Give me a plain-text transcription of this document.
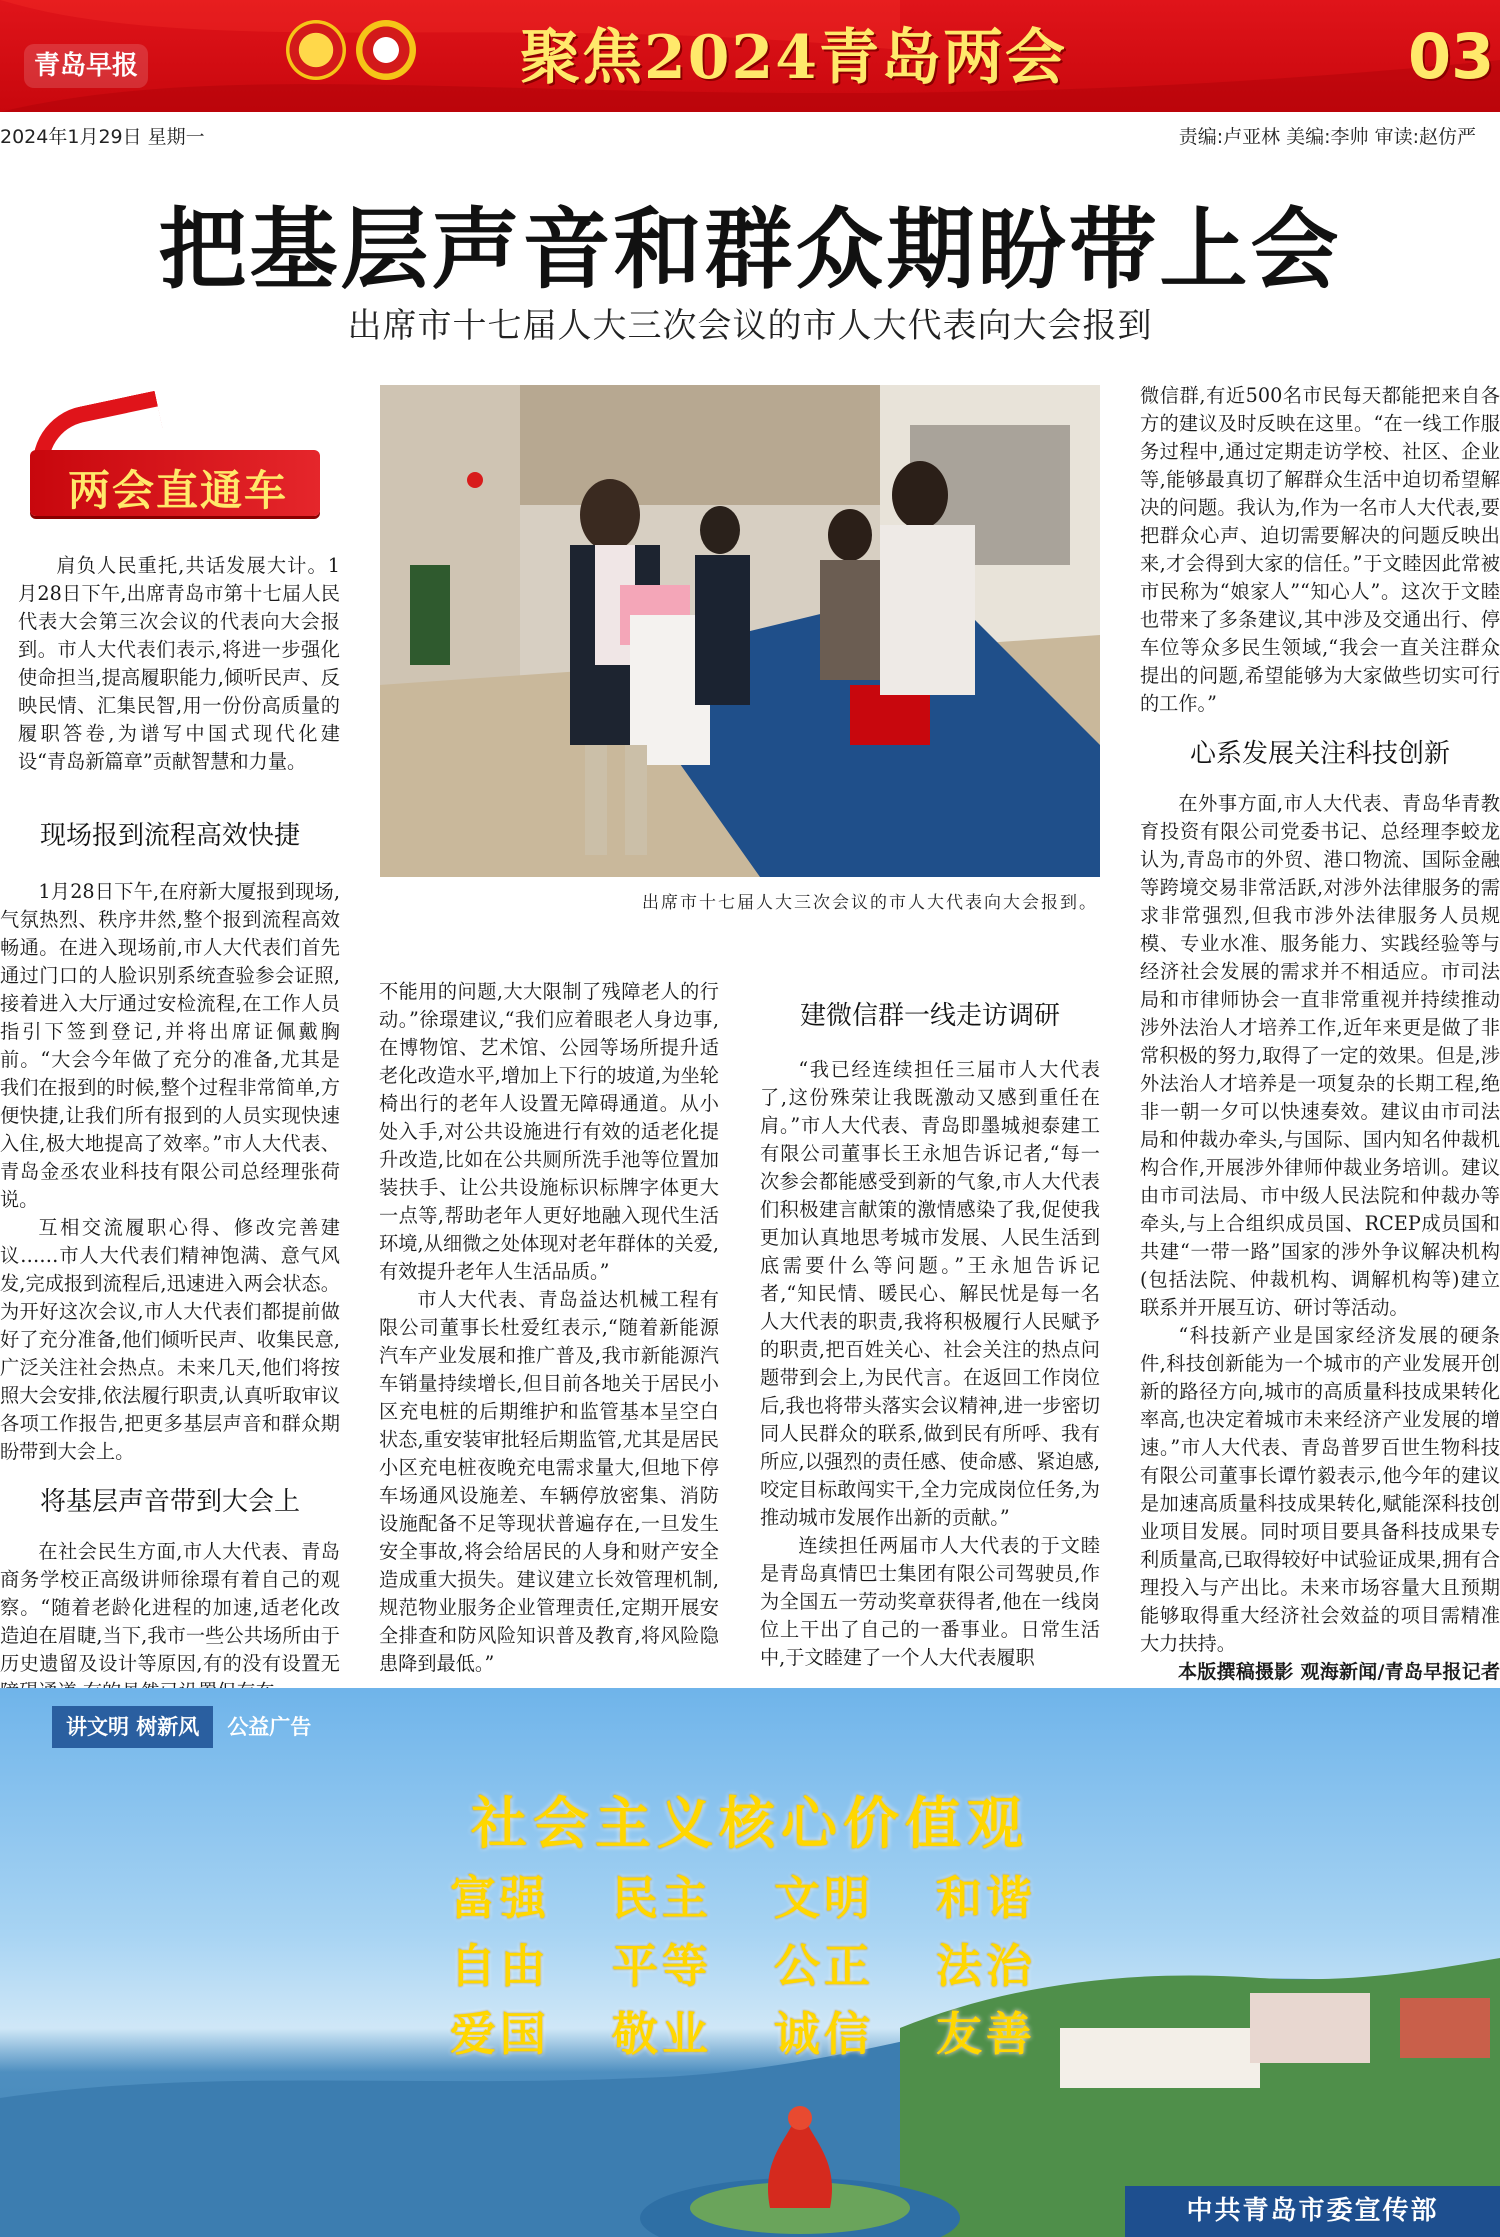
青岛早报	聚焦2024青岛两会	03
2024年1月29日 星期一	责编:卢亚林 美编:李帅 审读:赵仿严
把基层声音和群众期盼带上会
出席市十七届人大三次会议的市人大代表向大会报到
两会直通车

肩负人民重托,共话发展大计。1月28日下午,出席青岛市第十七届人民代表大会第三次会议的代表向大会报到。市人大代表们表示,将进一步强化使命担当,提高履职能力,倾听民声、反映民情、汇集民智,用一份份高质量的履职答卷,为谱写中国式现代化建设“青岛新篇章”贡献智慧和力量。

现场报到流程高效快捷

1月28日下午,在府新大厦报到现场,气氛热烈、秩序井然,整个报到流程高效畅通。在进入现场前,市人大代表们首先通过门口的人脸识别系统查验参会证照,接着进入大厅通过安检流程,在工作人员指引下签到登记,并将出席证佩戴胸前。“大会今年做了充分的准备,尤其是我们在报到的时候,整个过程非常简单,方便快捷,让我们所有报到的人员实现快速入住,极大地提高了效率。”市人大代表、青岛金丞农业科技有限公司总经理张荷说。

互相交流履职心得、修改完善建议……市人大代表们精神饱满、意气风发,完成报到流程后,迅速进入两会状态。为开好这次会议,市人大代表们都提前做好了充分准备,他们倾听民声、收集民意,广泛关注社会热点。未来几天,他们将按照大会安排,依法履行职责,认真听取审议各项工作报告,把更多基层声音和群众期盼带到大会上。

将基层声音带到大会上

在社会民生方面,市人大代表、青岛商务学校正高级讲师徐璟有着自己的观察。“随着老龄化进程的加速,适老化改造迫在眉睫,当下,我市一些公共场所由于历史遗留及设计等原因,有的没有设置无

出席市十七届人大三次会议的市人大代表向大会报到。

不能用的问题,大大限制了残障老人的行动。”徐璟建议,“我们应着眼老人身边事,在博物馆、艺术馆、公园等场所提升适老化改造水平,增加上下行的坡道,为坐轮椅出行的老年人设置无障碍通道。从小处入手,对公共设施进行有效的适老化提升改造,比如在公共厕所洗手池等位置加装扶手、让公共设施标识标牌字体更大一点等,帮助老年人更好地融入现代生活环境,从细微之处体现对老年群体的关爱,有效提升老年人生活品质。”

市人大代表、青岛益达机械工程有限公司董事长杜爱红表示,“随着新能源汽车产业发展和推广普及,我市新能源汽车销量持续增长,但目前各地关于居民小区充电桩的后期维护和监管基本呈空白状态,重安装审批轻后期监管,尤其是居民小区充电桩夜晚充电需求量大,但地下停车场通风设施差、车辆停放密集、消防设施配备不足等现状普遍存在,一旦发生安全事故,将会给居民的人身和财产安全造成重大损失。建议建立长效管理机制,规范物业服务企业管理责任,定期开展安全排查和防风险知识普及教育,将风险隐患降到最低。”

建微信群一线走访调研

“我已经连续担任三届市人大代表了,这份殊荣让我既激动又感到重任在肩。”市人大代表、青岛即墨城昶泰建工有限公司董事长王永旭告诉记者,“每一次参会都能感受到新的气象,市人大代表们积极建言献策的激情感染了我,促使我更加认真地思考城市发展、人民生活到底需要什么等问题。”王永旭告诉记者,“知民情、暖民心、解民忧是每一名人大代表的职责,我将积极履行人民赋予的职责,把百姓关心、社会关注的热点问题带到会上,为民代言。在返回工作岗位后,我也将带头落实会议精神,进一步密切同人民群众的联系,做到民有所呼、我有所应,以强烈的责任感、使命感、紧迫感,咬定目标敢闯实干,全力完成岗位任务,为推动城市发展作出新的贡献。”

连续担任两届市人大代表的于文睦是青岛真情巴士集团有限公司驾驶员,作为全国五一劳动奖章获得者,他在一线岗位上干出了自己的一番事业。日常生活中,于文睦建了一个人大代表履职

微信群,有近500名市民每天都能把来自各方的建议及时反映在这里。“在一线工作服务过程中,通过定期走访学校、社区、企业等,能够最真切了解群众生活中迫切希望解决的问题。我认为,作为一名市人大代表,要把群众心声、迫切需要解决的问题反映出来,才会得到大家的信任。”于文睦因此常被市民称为“娘家人”“知心人”。这次于文睦也带来了多条建议,其中涉及交通出行、停车位等众多民生领域,“我会一直关注群众提出的问题,希望能够为大家做些切实可行的工作。”

心系发展关注科技创新

在外事方面,市人大代表、青岛华青教育投资有限公司党委书记、总经理李蛟龙认为,青岛市的外贸、港口物流、国际金融等跨境交易非常活跃,对涉外法律服务的需求非常强烈,但我市涉外法律服务人员规模、专业水准、服务能力、实践经验等与经济社会发展的需求并不相适应。市司法局和市律师协会一直非常重视并持续推动涉外法治人才培养工作,近年来更是做了非常积极的努力,取得了一定的效果。但是,涉外法治人才培养是一项复杂的长期工程,绝非一朝一夕可以快速奏效。建议由市司法局和仲裁办牵头,与国际、国内知名仲裁机构合作,开展涉外律师仲裁业务培训。建议由市司法局、市中级人民法院和仲裁办等牵头,与上合组织成员国、RCEP成员国和共建“一带一路”国家的涉外争议解决机构(包括法院、仲裁机构、调解机构等)建立联系并开展互访、研讨等活动。

“科技新产业是国家经济发展的硬条件,科技创新能为一个城市的产业发展开创新的路径方向,城市的高质量科技成果转化率高,也决定着城市未来经济产业发展的增速。”市人大代表、青岛普罗百世生物科技有限公司董事长谭竹毅表示,他今年的建议是加速高质量科技成果转化,赋能深科技创业项目发展。同时项目要具备科技成果专利质量高,已取得较好中试验证成果,拥有合理投入与产出比。未来市场容量大且预期能够取得重大经济社会效益的项目需精准大力扶持。

本版撰稿摄影 观海新闻/青岛早报记者

讲文明 树新风	公益广告
社会主义核心价值观
富强	民主	文明	和谐
自由	平等	公正	法治
爱国	敬业	诚信	友善
中共青岛市委宣传部
